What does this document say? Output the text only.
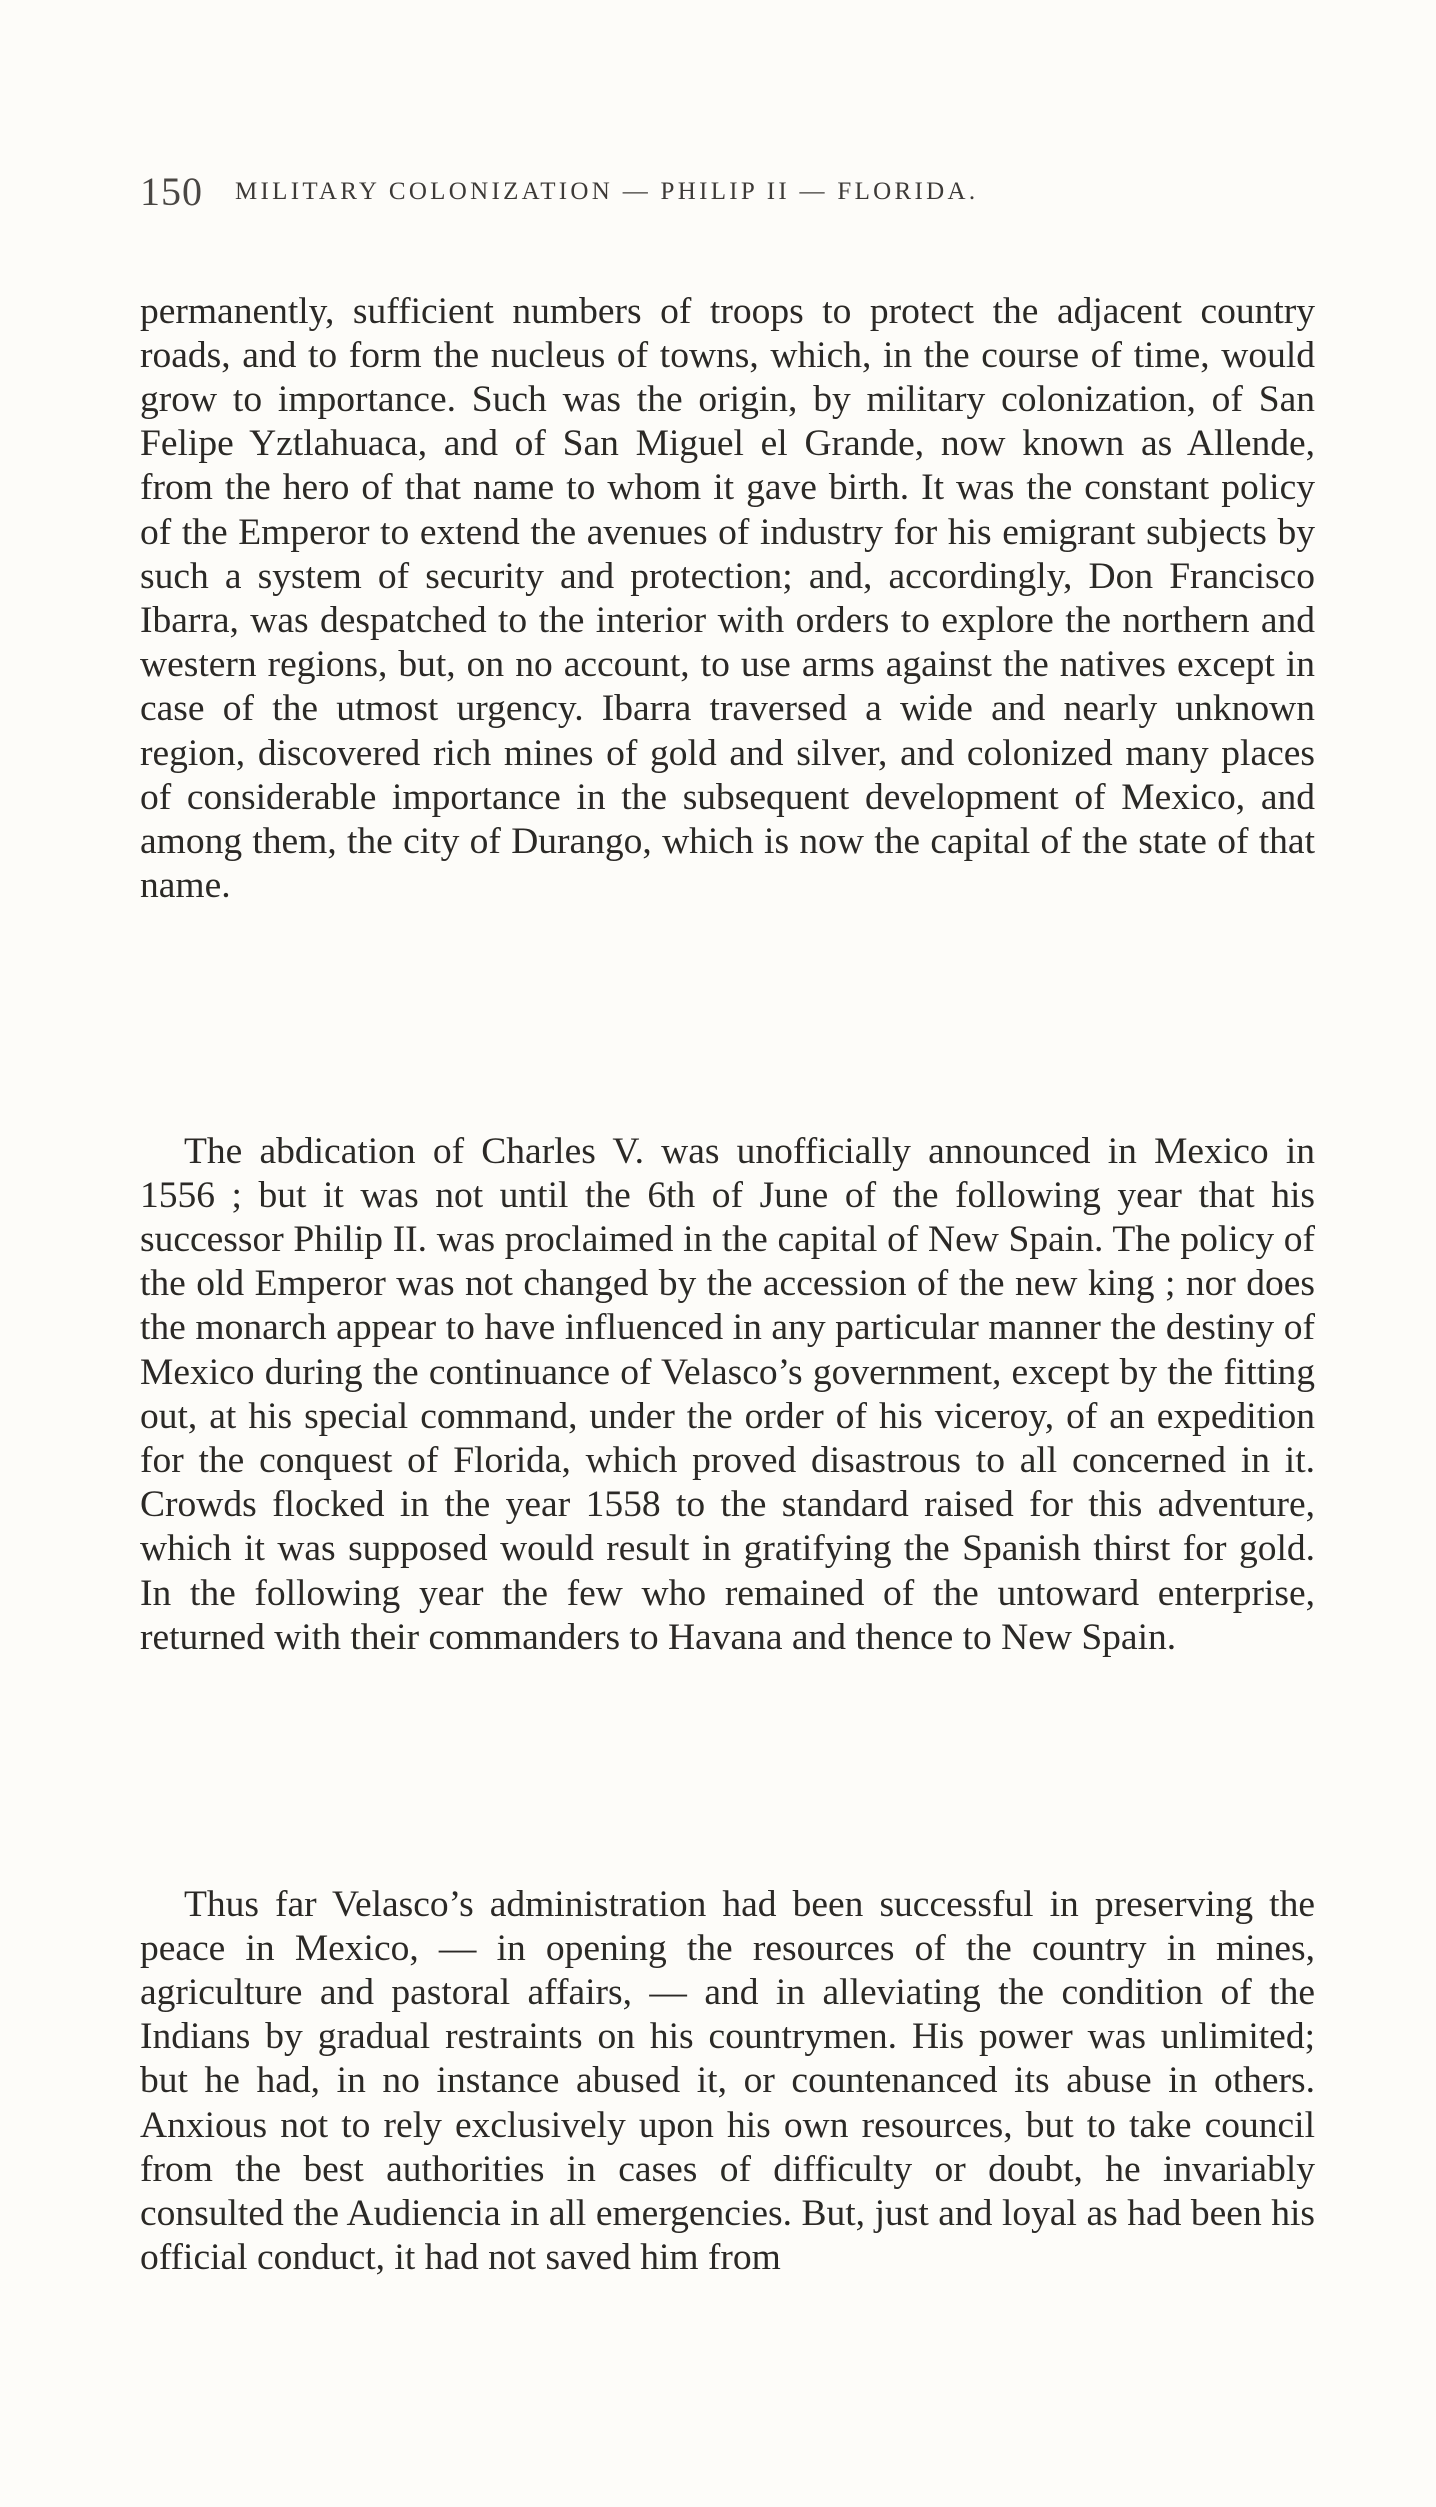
150 MILITARY COLONIZATION — PHILIP II — FLORIDA.

permanently, sufficient numbers of troops to protect the adjacent country roads, and to form the nucleus of towns, which, in the course of time, would grow to importance. Such was the origin, by military colonization, of San Felipe Yztlahuaca, and of San Miguel el Grande, now known as Allende, from the hero of that name to whom it gave birth. It was the constant policy of the Emperor to extend the avenues of industry for his emigrant subjects by such a system of security and protection; and, accordingly, Don Francisco Ibarra, was despatched to the interior with orders to explore the northern and western regions, but, on no account, to use arms against the natives except in case of the utmost urgency. Ibarra traversed a wide and nearly unknown region, discovered rich mines of gold and silver, and colonized many places of considerable importance in the subsequent development of Mexico, and among them, the city of Durango, which is now the capital of the state of that name.

The abdication of Charles V. was unofficially announced in Mexico in 1556 ; but it was not until the 6th of June of the following year that his successor Philip II. was proclaimed in the capital of New Spain. The policy of the old Emperor was not changed by the accession of the new king ; nor does the monarch appear to have influenced in any particular manner the destiny of Mexico during the continuance of Velasco’s government, except by the fitting out, at his special command, under the order of his viceroy, of an expedition for the conquest of Florida, which proved disastrous to all concerned in it. Crowds flocked in the year 1558 to the standard raised for this adventure, which it was supposed would result in gratifying the Spanish thirst for gold. In the following year the few who remained of the untoward enterprise, returned with their commanders to Havana and thence to New Spain.

Thus far Velasco’s administration had been successful in preserving the peace in Mexico, — in opening the resources of the country in mines, agriculture and pastoral affairs, — and in alleviating the condition of the Indians by gradual restraints on his countrymen. His power was unlimited; but he had, in no instance abused it, or countenanced its abuse in others. Anxious not to rely exclusively upon his own resources, but to take council from the best authorities in cases of difficulty or doubt, he invariably consulted the Audiencia in all emergencies. But, just and loyal as had been his official conduct, it had not saved him from
